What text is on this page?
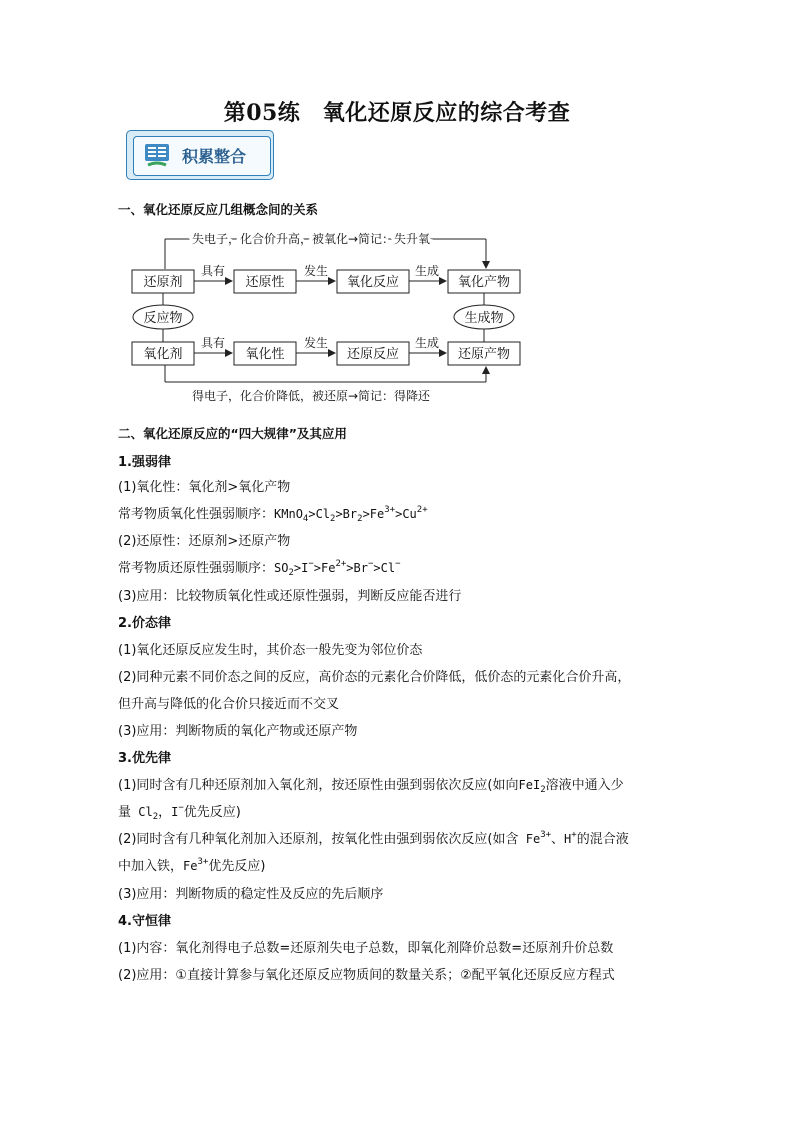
第05练　氧化还原反应的综合考查
积累整合
一、氧化还原反应几组概念间的关系
失电子，化合价升高，被氧化→简记：失升氧
还原剂	还原性	氧化反应	氧化产物
具有	发生	生成
反应物	生成物
氧化剂	氧化性	还原反应	还原产物
具有	发生	生成
得电子，化合价降低，被还原→简记：得降还
二、氧化还原反应的“四大规律”及其应用
1.强弱律
(1)氧化性：氧化剂>氧化产物
常考物质氧化性强弱顺序：$KMnO_4>Cl_2>Br_2>Fe^{3+}>Cu^{2+}$
(2)还原性：还原剂>还原产物
常考物质还原性强弱顺序：$SO_2>I^->Fe^{2+}>Br^->Cl^-$
(3)应用：比较物质氧化性或还原性强弱，判断反应能否进行
2.价态律
(1)氧化还原反应发生时，其价态一般先变为邻位价态
(2)同种元素不同价态之间的反应，高价态的元素化合价降低，低价态的元素化合价升高，
但升高与降低的化合价只接近而不交叉
(3)应用：判断物质的氧化产物或还原产物
3.优先律
(1)同时含有几种还原剂加入氧化剂，按还原性由强到弱依次反应(如向FeI$_2$溶液中通入少
量 $Cl_2$，I−优先反应)
(2)同时含有几种氧化剂加入还原剂，按氧化性由强到弱依次反应(如含 $Fe^{3+}$、H+的混合液
中加入铁，$Fe^{3+}$优先反应)
(3)应用：判断物质的稳定性及反应的先后顺序
4.守恒律
(1)内容：氧化剂得电子总数=还原剂失电子总数，即氧化剂降价总数=还原剂升价总数
(2)应用：①直接计算参与氧化还原反应物质间的数量关系；②配平氧化还原反应方程式
